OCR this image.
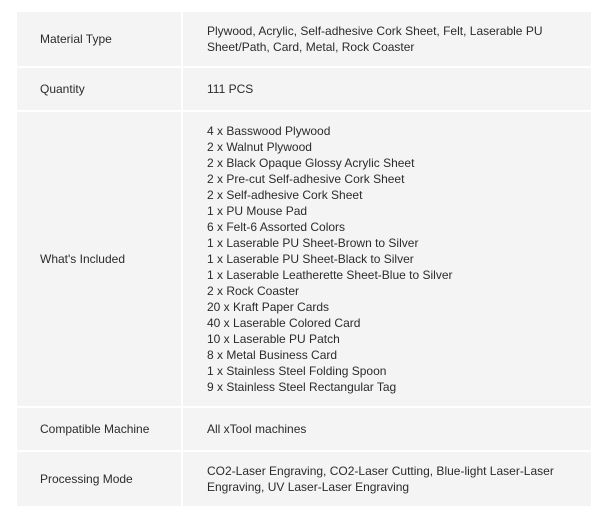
Material Type
Plywood, Acrylic, Self-adhesive Cork Sheet, Felt, Laserable PU Sheet/Path, Card, Metal, Rock Coaster
Quantity	111 PCS
What's Included
4 x Basswood Plywood
2 x Walnut Plywood
2 x Black Opaque Glossy Acrylic Sheet
2 x Pre-cut Self-adhesive Cork Sheet
2 x Self-adhesive Cork Sheet
1 x PU Mouse Pad
6 x Felt-6 Assorted Colors
1 x Laserable PU Sheet-Brown to Silver
1 x Laserable PU Sheet-Black to Silver
1 x Laserable Leatherette Sheet-Blue to Silver
2 x Rock Coaster
20 x Kraft Paper Cards
40 x Laserable Colored Card
10 x Laserable PU Patch
8 x Metal Business Card
1 x Stainless Steel Folding Spoon
9 x Stainless Steel Rectangular Tag
Compatible Machine	All xTool machines
Processing Mode
CO2-Laser Engraving, CO2-Laser Cutting, Blue-light Laser-Laser Engraving, UV Laser-Laser Engraving
